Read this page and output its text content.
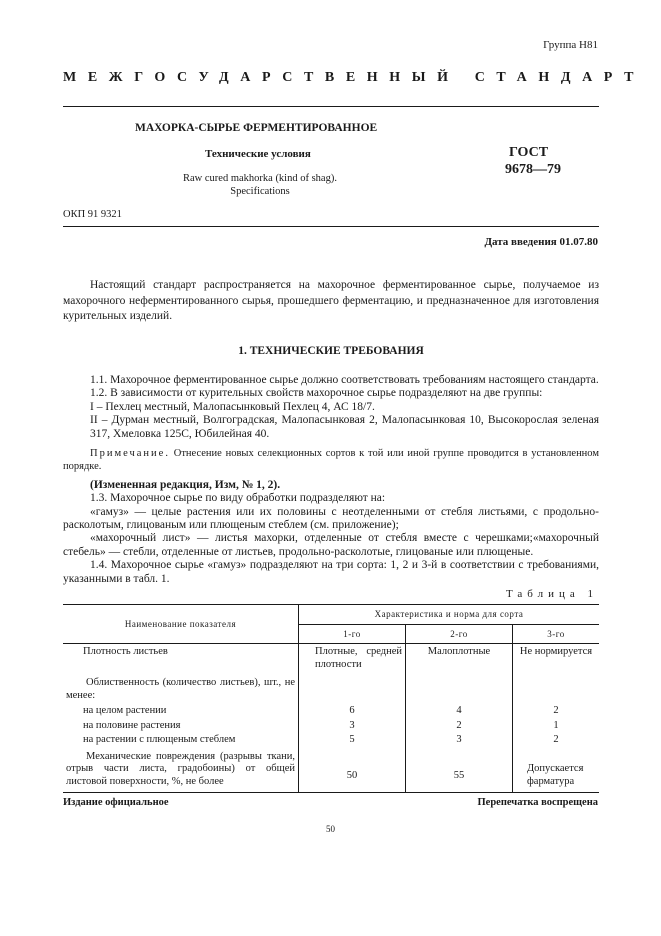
Группа Н81
МЕЖГОСУДАРСТВЕННЫЙ СТАНДАРТ
МАХОРКА-СЫРЬЕ ФЕРМЕНТИРОВАННОЕ
Технические условия
Raw cured makhorka (kind of shag).
Specifications
ГОСТ
9678—79
ОКП 91 9321
Дата введения 01.07.80
Настоящий стандарт распространяется на махорочное ферментированное сырье, получаемое из махорочного неферментированного сырья, прошедшего ферментацию, и предназначенное для изготовления курительных изделий.
1. ТЕХНИЧЕСКИЕ ТРЕБОВАНИЯ

1.1. Махорочное ферментированное сырье должно соответствовать требованиям настоящего стандарта.

1.2. В зависимости от курительных свойств махорочное сырье подразделяют на две группы:

I – Пехлец местный, Малопасынковый Пехлец 4, АС 18/7.

II – Дурман местный, Волгоградская, Малопасынковая 2, Малопасынковая 10, Высокорослая зеленая 317, Хмеловка 125С, Юбилейная 40.

Примечание. Отнесение новых селекционных сортов к той или иной группе проводится в установленном порядке.

(Измененная редакция, Изм, № 1, 2).

1.3. Махорочное сырье по виду обработки подразделяют на:

«гамуз» — целые растения или их половины с неотделенными от стебля листьями, с продольно-расколотым, глицованым или плющеным стеблем (см. приложение);

«махорочный лист» — листья махорки, отделенные от стебля вместе с черешками;«махорочный стебель» — стебли, отделенные от листьев, продольно-расколотые, глицованые или плющеные.

1.4. Махорочное сырье «гамуз» подразделяют на три сорта: 1, 2 и 3-й в соответствии с требованиями, указанными в табл. 1.

Таблица 1
Наименование показателя	Характеристика и норма для сорта		
	1-го	2-го	3-го
Плотность листьев	Плотные, средней плотности	Малоплотные	Не нормируется
Облиственность (количество листьев), шт., не менее:			
на целом растении	6	4	2
на половине растения	3	2	1
на растении с плющеным стеблем	5	3	2
Механические повреждения (разрывы ткани, отрыв части листа, градобоины) от общей листовой поверхности, %, не более	50	55	Допускается фарматура
Издание официальное	Перепечатка воспрещена
50
